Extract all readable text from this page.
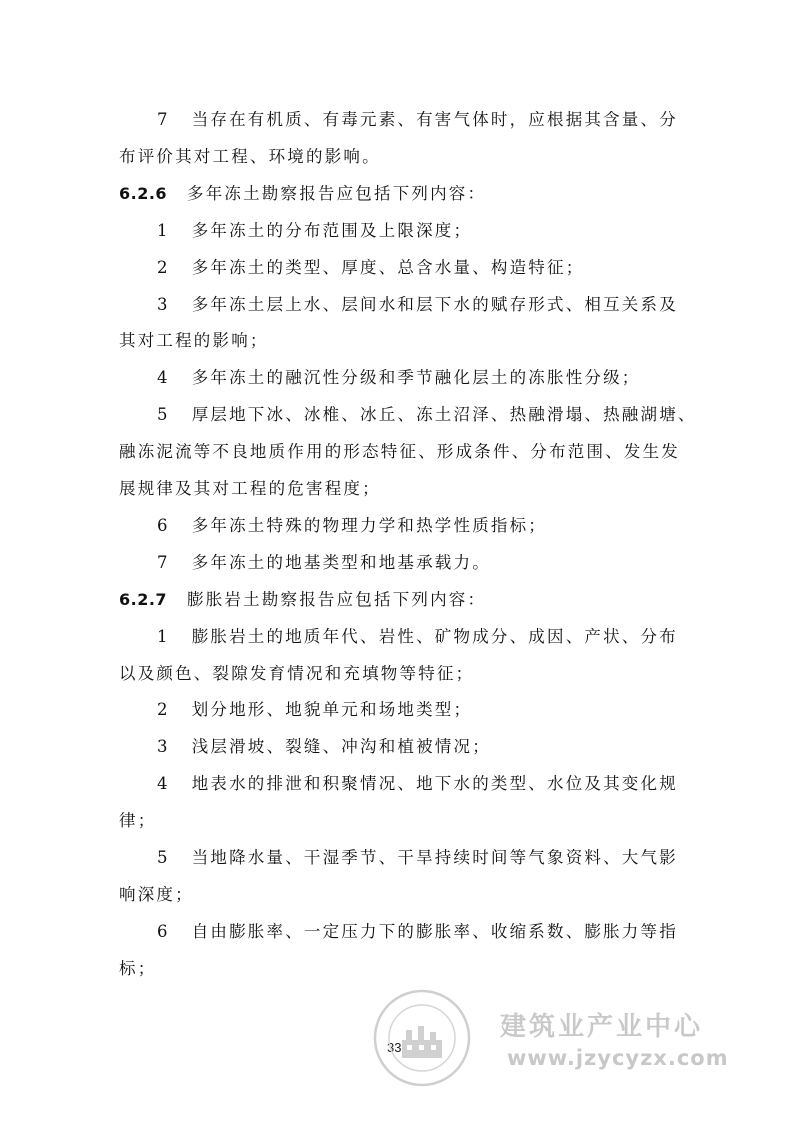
7 当存在有机质、有毒元素、有害气体时，应根据其含量、分
布评价其对工程、环境的影响。
6.2.6 多年冻土勘察报告应包括下列内容：
1 多年冻土的分布范围及上限深度；
2 多年冻土的类型、厚度、总含水量、构造特征；
3 多年冻土层上水、层间水和层下水的赋存形式、相互关系及
其对工程的影响；
4 多年冻土的融沉性分级和季节融化层土的冻胀性分级；
5 厚层地下冰、冰椎、冰丘、冻土沼泽、热融滑塌、热融湖塘、
融冻泥流等不良地质作用的形态特征、形成条件、分布范围、发生发
展规律及其对工程的危害程度；
6 多年冻土特殊的物理力学和热学性质指标；
7 多年冻土的地基类型和地基承载力。
6.2.7 膨胀岩土勘察报告应包括下列内容：
1 膨胀岩土的地质年代、岩性、矿物成分、成因、产状、分布
以及颜色、裂隙发育情况和充填物等特征；
2 划分地形、地貌单元和场地类型；
3 浅层滑坡、裂缝、冲沟和植被情况；
4 地表水的排泄和积聚情况、地下水的类型、水位及其变化规
律；
5 当地降水量、干湿季节、干旱持续时间等气象资料、大气影
响深度；
6 自由膨胀率、一定压力下的膨胀率、收缩系数、膨胀力等指
标；
33
建筑业产业中心
www.jzycyzx.com
